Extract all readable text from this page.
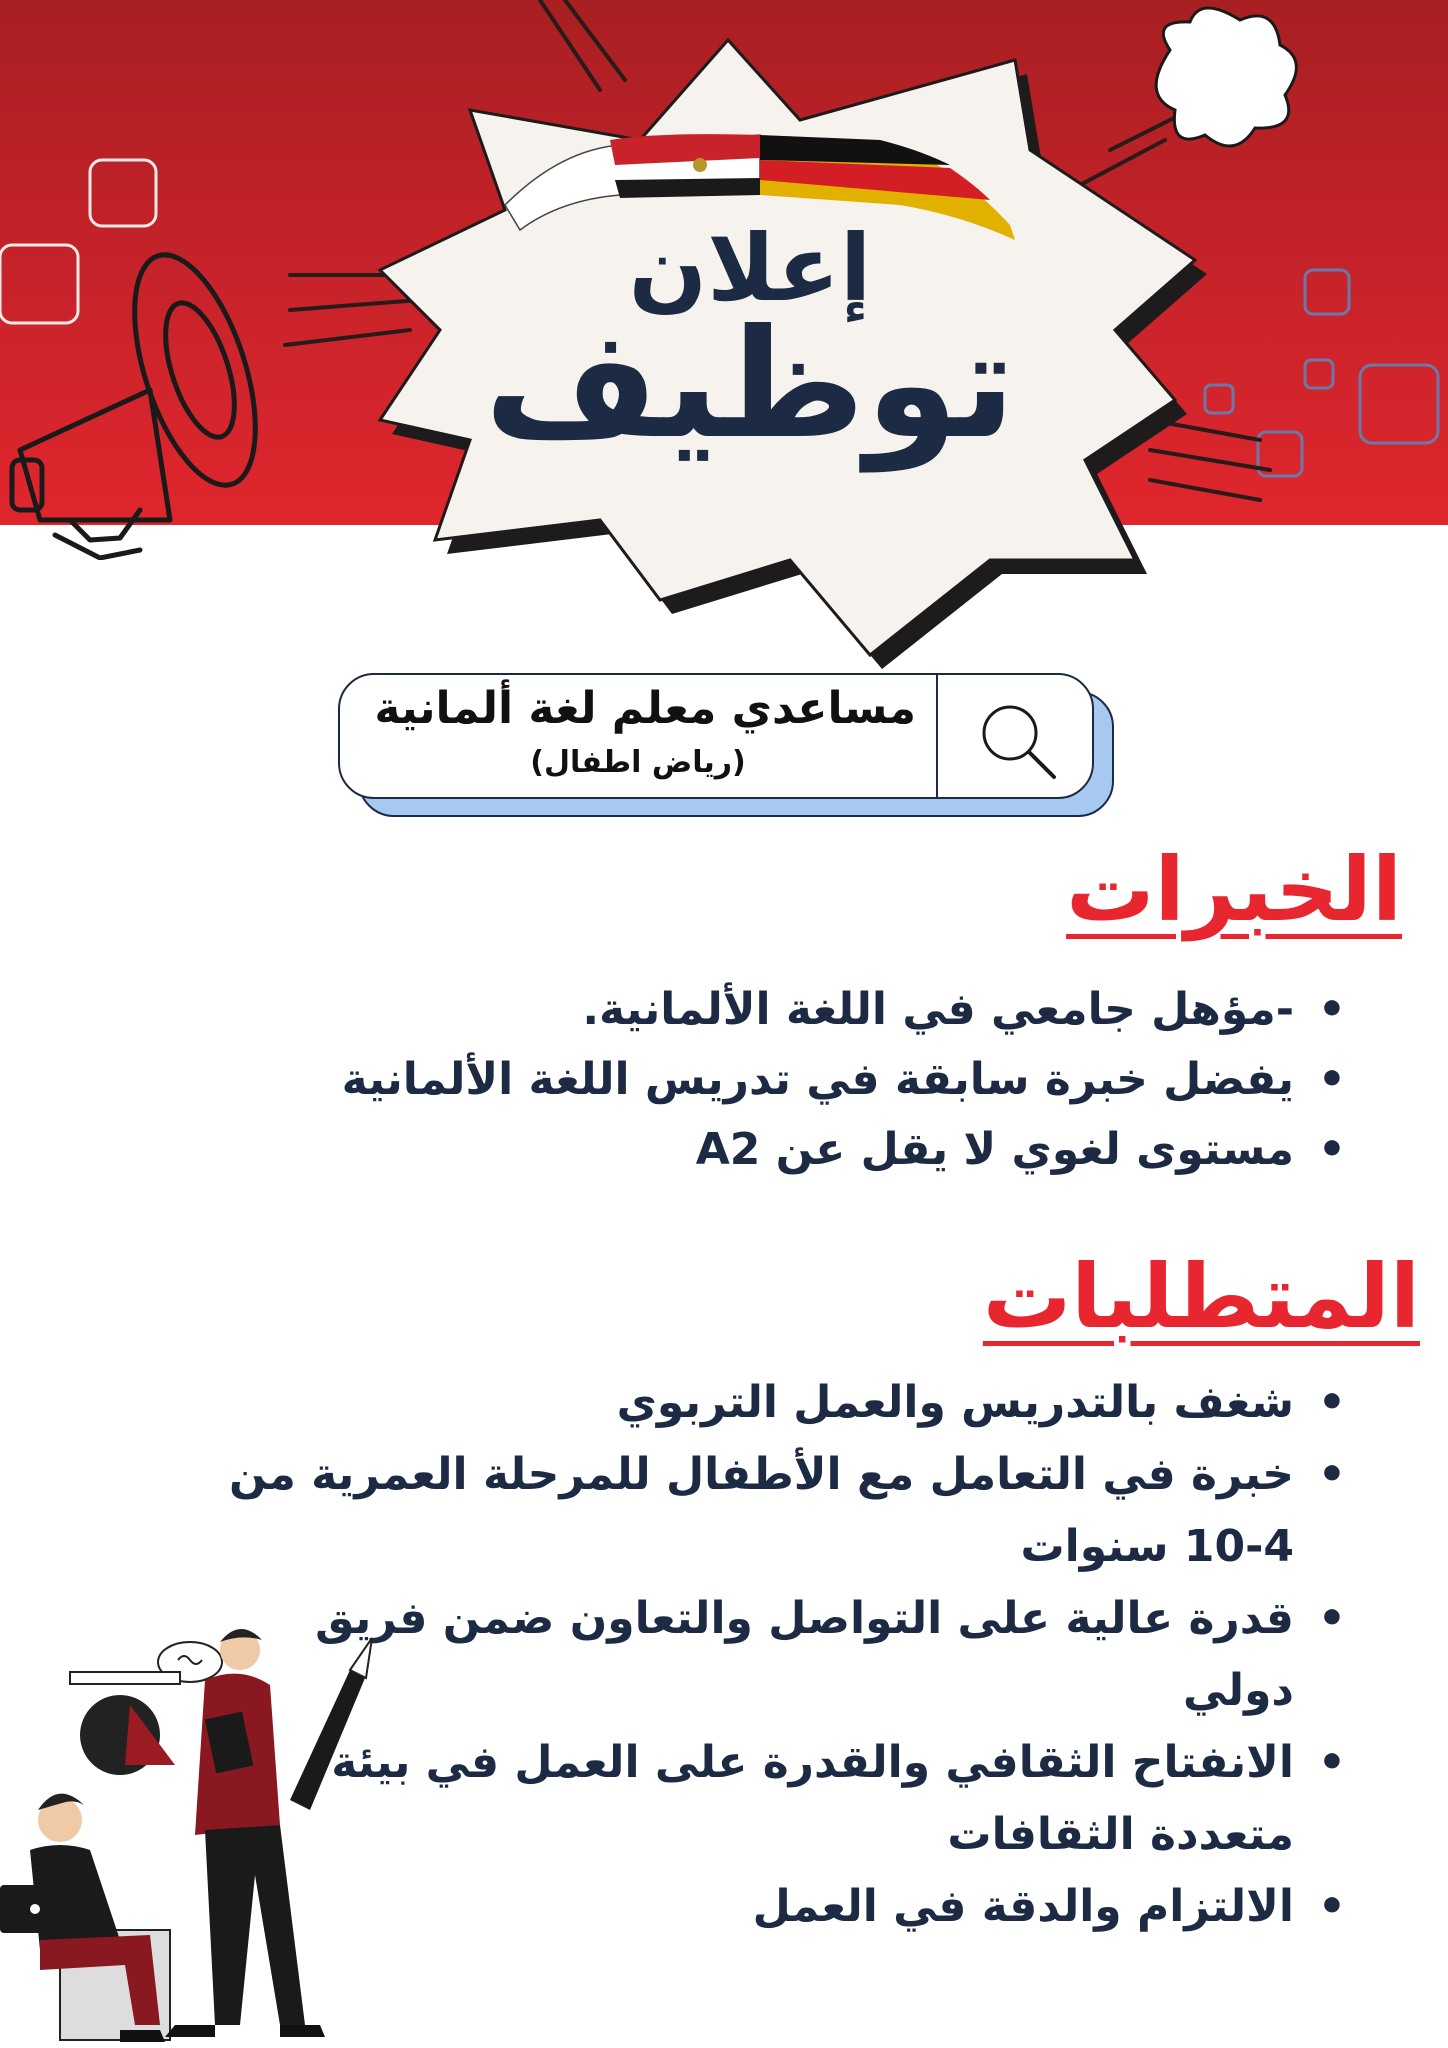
إعلان
توظيف
مساعدي معلم لغة ألمانية
(رياض اطفال)
الخبرات
• -مؤهل جامعي في اللغة الألمانية.
• يفضل خبرة سابقة في تدريس اللغة الألمانية
• مستوى لغوي لا يقل عن A2
المتطلبات
• شغف بالتدريس والعمل التربوي
• خبرة في التعامل مع الأطفال للمرحلة العمرية من 4-10 سنوات
• قدرة عالية على التواصل والتعاون ضمن فريق دولي
• الانفتاح الثقافي والقدرة على العمل في بيئة متعددة الثقافات
• الالتزام والدقة في العمل
